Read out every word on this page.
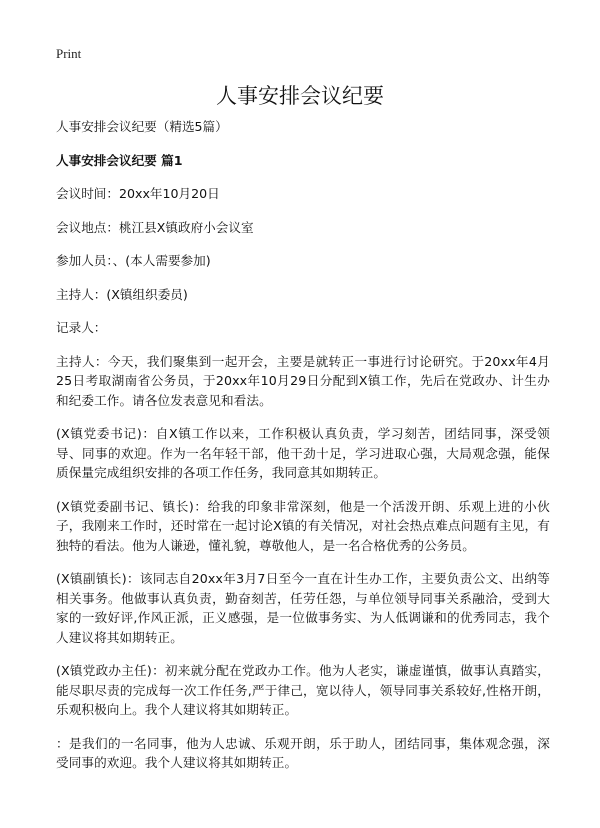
Print
人事安排会议纪要

人事安排会议纪要（精选5篇）

人事安排会议纪要 篇1

会议时间：20xx年10月20日

会议地点：桃江县X镇政府小会议室

参加人员：、(本人需要参加)

主持人：(X镇组织委员)

记录人：

主持人：今天，我们聚集到一起开会，主要是就转正一事进行讨论研究。于20xx年4月25日考取湖南省公务员，于20xx年10月29日分配到X镇工作，先后在党政办、计生办和纪委工作。请各位发表意见和看法。

(X镇党委书记)：自X镇工作以来，工作积极认真负责，学习刻苦，团结同事，深受领导、同事的欢迎。作为一名年轻干部，他干劲十足，学习进取心强，大局观念强，能保质保量完成组织安排的各项工作任务，我同意其如期转正。

(X镇党委副书记、镇长)：给我的印象非常深刻，他是一个活泼开朗、乐观上进的小伙子，我刚来工作时，还时常在一起讨论X镇的有关情况，对社会热点难点问题有主见，有独特的看法。他为人谦逊，懂礼貌，尊敬他人，是一名合格优秀的公务员。

(X镇副镇长)：该同志自20xx年3月7日至今一直在计生办工作，主要负责公文、出纳等相关事务。他做事认真负责，勤奋刻苦，任劳任怨，与单位领导同事关系融洽，受到大家的一致好评,作风正派，正义感强，是一位做事务实、为人低调谦和的优秀同志，我个人建议将其如期转正。

(X镇党政办主任)：初来就分配在党政办工作。他为人老实，谦虚谨慎，做事认真踏实，能尽职尽责的完成每一次工作任务,严于律己，宽以待人，领导同事关系较好,性格开朗，乐观积极向上。我个人建议将其如期转正。

：是我们的一名同事，他为人忠诚、乐观开朗，乐于助人，团结同事，集体观念强，深受同事的欢迎。我个人建议将其如期转正。
